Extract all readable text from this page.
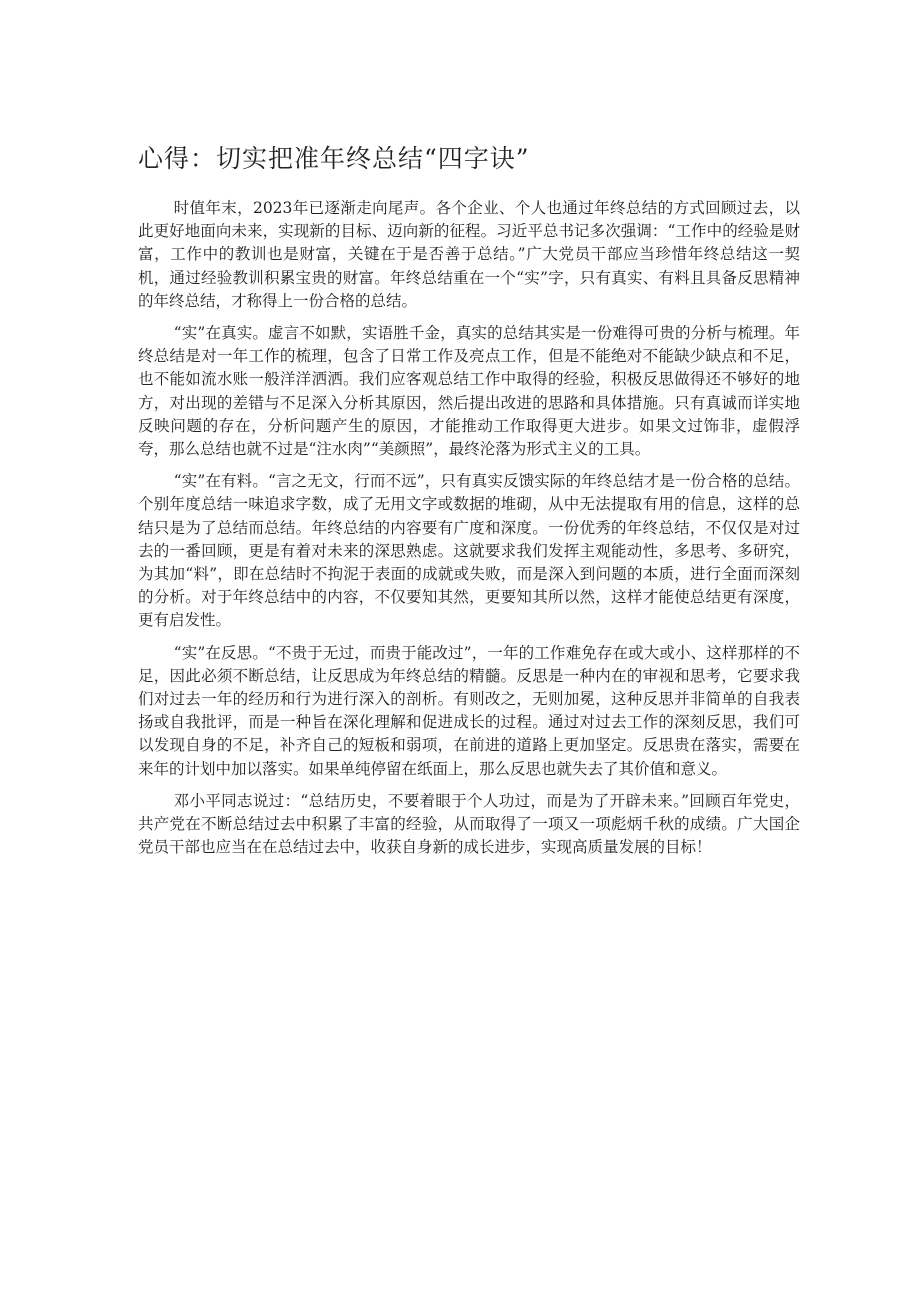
心得：切实把准年终总结“四字诀”

时值年末，2023年已逐渐走向尾声。各个企业、个人也通过年终总结的方式回顾过去，以此更好地面向未来，实现新的目标、迈向新的征程。习近平总书记多次强调：“工作中的经验是财富，工作中的教训也是财富，关键在于是否善于总结。”广大党员干部应当珍惜年终总结这一契机，通过经验教训积累宝贵的财富。年终总结重在一个“实”字，只有真实、有料且具备反思精神的年终总结，才称得上一份合格的总结。

“实”在真实。虚言不如默，实语胜千金，真实的总结其实是一份难得可贵的分析与梳理。年终总结是对一年工作的梳理，包含了日常工作及亮点工作，但是不能绝对不能缺少缺点和不足，也不能如流水账一般洋洋洒洒。我们应客观总结工作中取得的经验，积极反思做得还不够好的地方，对出现的差错与不足深入分析其原因，然后提出改进的思路和具体措施。只有真诚而详实地反映问题的存在，分析问题产生的原因，才能推动工作取得更大进步。如果文过饰非，虚假浮夸，那么总结也就不过是“注水肉”“美颜照”，最终沦落为形式主义的工具。

“实”在有料。“言之无文，行而不远”，只有真实反馈实际的年终总结才是一份合格的总结。个别年度总结一味追求字数，成了无用文字或数据的堆砌，从中无法提取有用的信息，这样的总结只是为了总结而总结。年终总结的内容要有广度和深度。一份优秀的年终总结，不仅仅是对过去的一番回顾，更是有着对未来的深思熟虑。这就要求我们发挥主观能动性，多思考、多研究，为其加“料”，即在总结时不拘泥于表面的成就或失败，而是深入到问题的本质，进行全面而深刻的分析。对于年终总结中的内容，不仅要知其然，更要知其所以然，这样才能使总结更有深度，更有启发性。

“实”在反思。“不贵于无过，而贵于能改过”，一年的工作难免存在或大或小、这样那样的不足，因此必须不断总结，让反思成为年终总结的精髓。反思是一种内在的审视和思考，它要求我们对过去一年的经历和行为进行深入的剖析。有则改之，无则加冕，这种反思并非简单的自我表扬或自我批评，而是一种旨在深化理解和促进成长的过程。通过对过去工作的深刻反思，我们可以发现自身的不足，补齐自己的短板和弱项，在前进的道路上更加坚定。反思贵在落实，需要在来年的计划中加以落实。如果单纯停留在纸面上，那么反思也就失去了其价值和意义。

邓小平同志说过：“总结历史，不要着眼于个人功过，而是为了开辟未来。”回顾百年党史，共产党在不断总结过去中积累了丰富的经验，从而取得了一项又一项彪炳千秋的成绩。广大国企党员干部也应当在在总结过去中，收获自身新的成长进步，实现高质量发展的目标！
